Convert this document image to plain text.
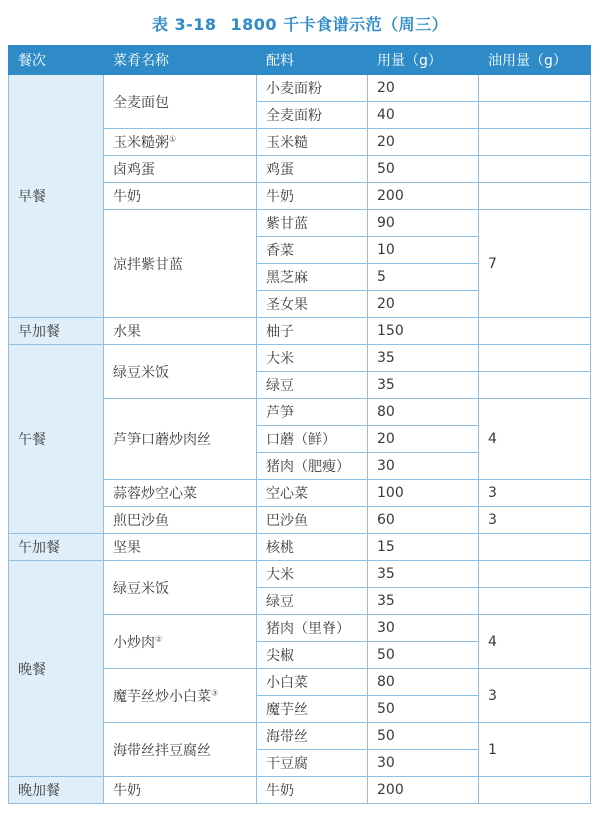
表 3-18 1800 千卡食谱示范（周三）
餐次	菜肴名称	配料	用量（g）	油用量（g）
早餐	全麦面包	小麦面粉	20	
		全麦面粉	40	
	玉米糙粥①	玉米糙	20	
	卤鸡蛋	鸡蛋	50	
	牛奶	牛奶	200	
	凉拌紫甘蓝	紫甘蓝	90	7
		香菜	10	
		黑芝麻	5	
		圣女果	20	
早加餐	水果	柚子	150	
午餐	绿豆米饭	大米	35	
		绿豆	35	
	芦笋口蘑炒肉丝	芦笋	80	4
		口蘑（鲜）	20	
		猪肉（肥瘦）	30	
	蒜蓉炒空心菜	空心菜	100	3
	煎巴沙鱼	巴沙鱼	60	3
午加餐	坚果	核桃	15	
晚餐	绿豆米饭	大米	35	
		绿豆	35	
	小炒肉②	猪肉（里脊）	30	4
		尖椒	50	
	魔芋丝炒小白菜③	小白菜	80	3
		魔芋丝	50	
	海带丝拌豆腐丝	海带丝	50	1
		干豆腐	30	
晚加餐	牛奶	牛奶	200	
